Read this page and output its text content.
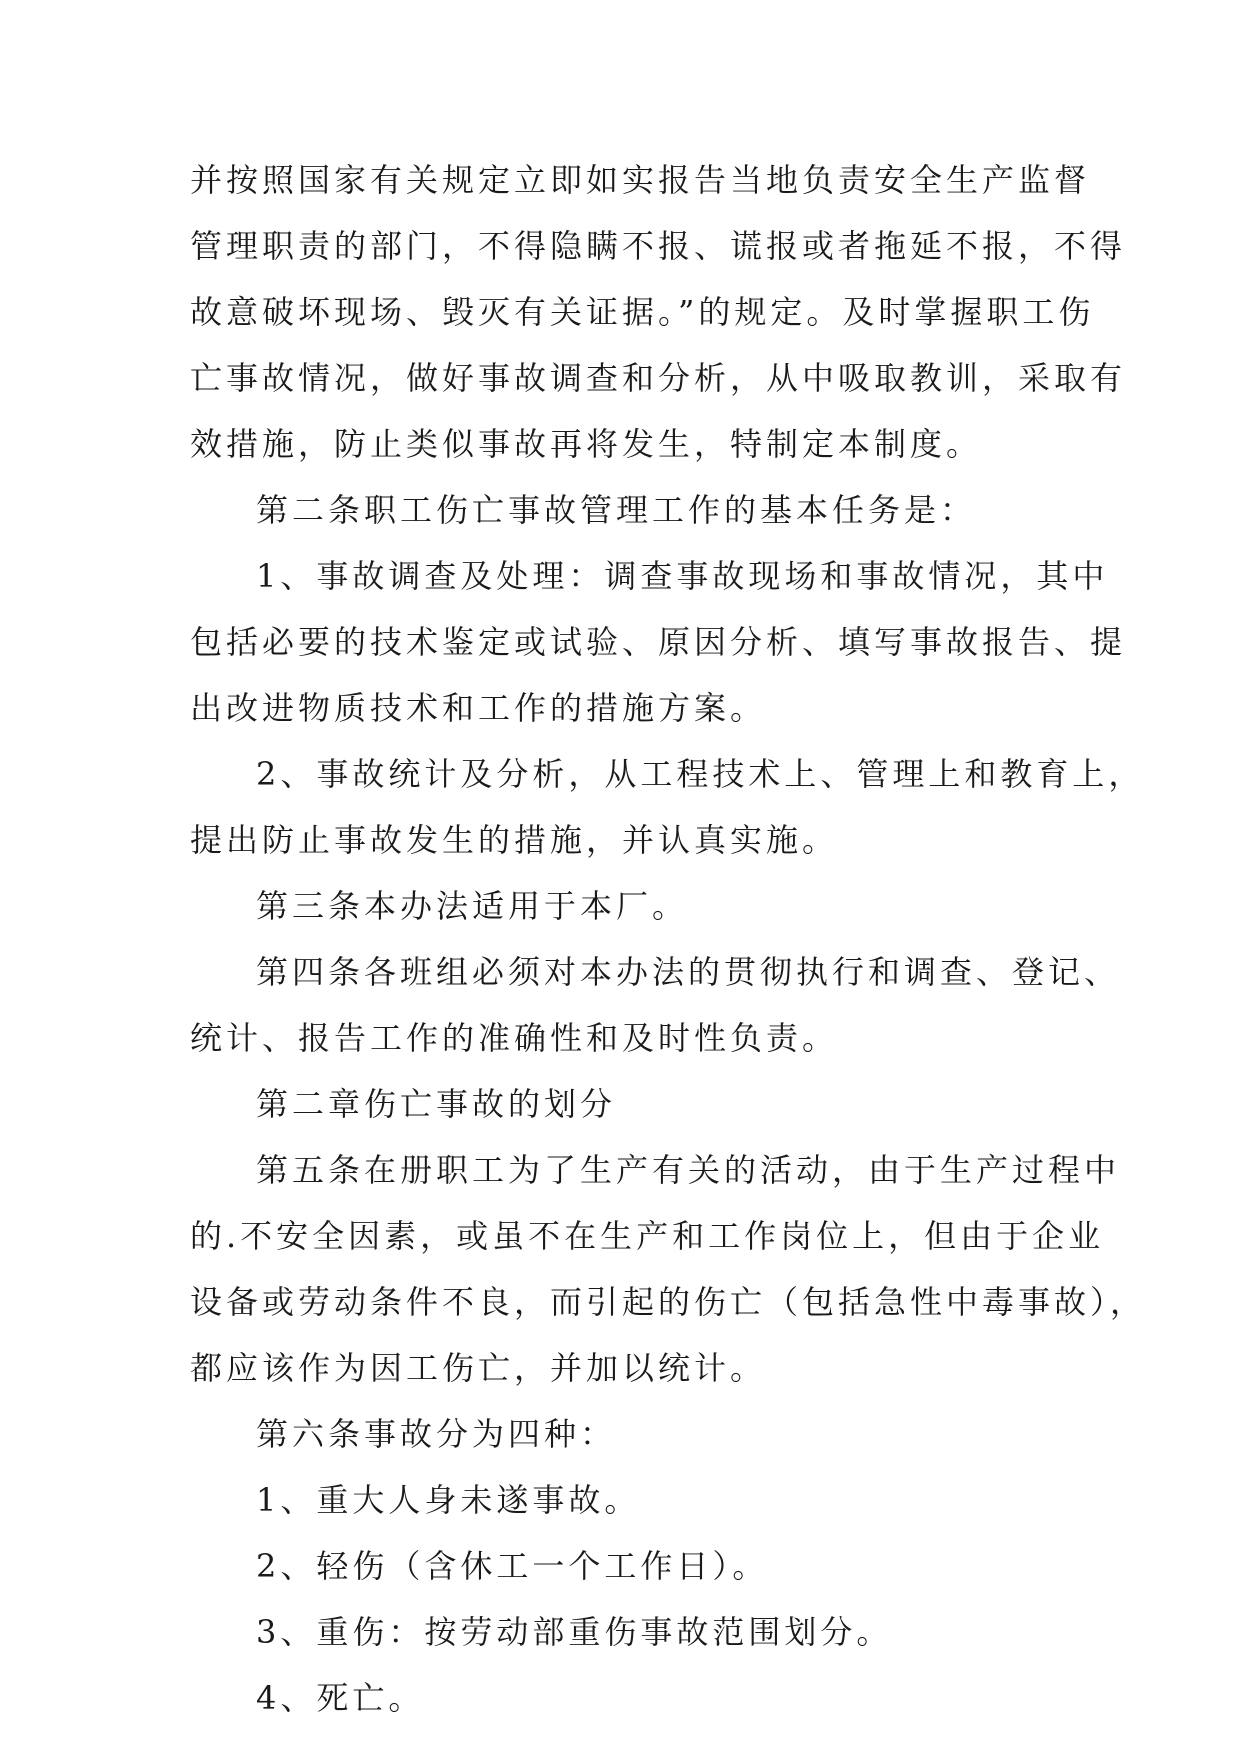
并按照国家有关规定立即如实报告当地负责安全生产监督
管理职责的部门，不得隐瞒不报、谎报或者拖延不报，不得
故意破坏现场、毁灭有关证据。”的规定。及时掌握职工伤
亡事故情况，做好事故调查和分析，从中吸取教训，采取有
效措施，防止类似事故再将发生，特制定本制度。
第二条职工伤亡事故管理工作的基本任务是：
1、事故调查及处理：调查事故现场和事故情况，其中
包括必要的技术鉴定或试验、原因分析、填写事故报告、提
出改进物质技术和工作的措施方案。
2、事故统计及分析，从工程技术上、管理上和教育上，
提出防止事故发生的措施，并认真实施。
第三条本办法适用于本厂。
第四条各班组必须对本办法的贯彻执行和调查、登记、
统计、报告工作的准确性和及时性负责。
第二章伤亡事故的划分
第五条在册职工为了生产有关的活动，由于生产过程中
的.不安全因素，或虽不在生产和工作岗位上，但由于企业
设备或劳动条件不良，而引起的伤亡（包括急性中毒事故），
都应该作为因工伤亡，并加以统计。
第六条事故分为四种：
1、重大人身未遂事故。
2、轻伤（含休工一个工作日）。
3、重伤：按劳动部重伤事故范围划分。
4、死亡。
